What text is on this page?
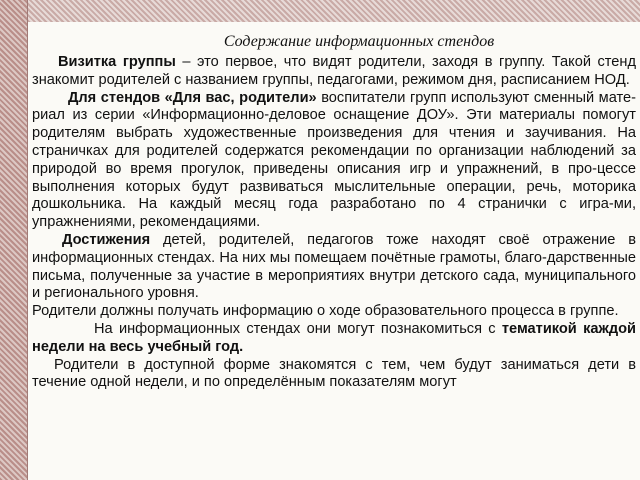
Содержание информационных стендов

Визитка группы – это первое, что видят родители, заходя в группу. Такой стенд знакомит родителей с названием группы, педагогами, режимом дня, расписанием НОД.

Для стендов «Для вас, родители» воспитатели групп используют сменный мате-риал из серии «Информационно-деловое оснащение ДОУ». Эти материалы помогут родителям выбрать художественные произведения для чтения и заучивания. На страничках для родителей содержатся рекомендации по организации наблюдений за природой во время прогулок, приведены описания игр и упражнений, в про-цессе выполнения которых будут развиваться мыслительные операции, речь, моторика дошкольника. На каждый месяц года разработано по 4 странички с игра-ми, упражнениями, рекомендациями.

Достижения детей, родителей, педагогов тоже находят своё отражение в информационных стендах. На них мы помещаем почётные грамоты, благо-дарственные письма, полученные за участие в мероприятиях внутри детского сада, муниципального и регионального уровня.

Родители должны получать информацию о ходе образовательного процесса в группе.

На информационных стендах они могут познакомиться с тематикой каждой недели на весь учебный год.

Родители в доступной форме знакомятся с тем, чем будут заниматься дети в течение одной недели, и по определённым показателям могут
